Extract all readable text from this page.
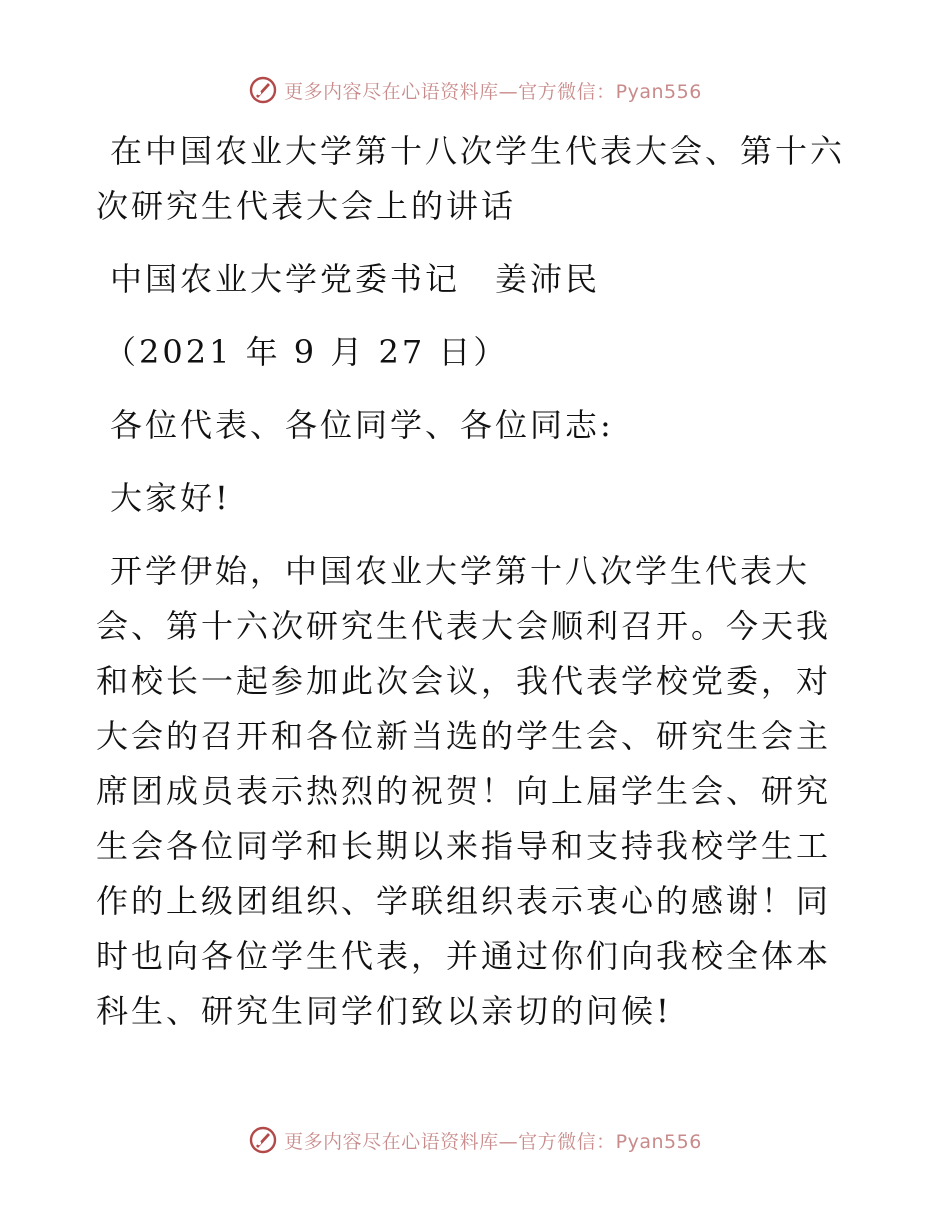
更多内容尽在心语资料库—官方微信：Pyan556

在中国农业大学第十八次学生代表大会、第十六次研究生代表大会上的讲话

中国农业大学党委书记　姜沛民

（2021 年 9 月 27 日）

各位代表、各位同学、各位同志:

大家好!

开学伊始，中国农业大学第十八次学生代表大会、第十六次研究生代表大会顺利召开。今天我和校长一起参加此次会议，我代表学校党委，对大会的召开和各位新当选的学生会、研究生会主席团成员表示热烈的祝贺！向上届学生会、研究生会各位同学和长期以来指导和支持我校学生工作的上级团组织、学联组织表示衷心的感谢！同时也向各位学生代表，并通过你们向我校全体本科生、研究生同学们致以亲切的问候!

更多内容尽在心语资料库—官方微信：Pyan556
